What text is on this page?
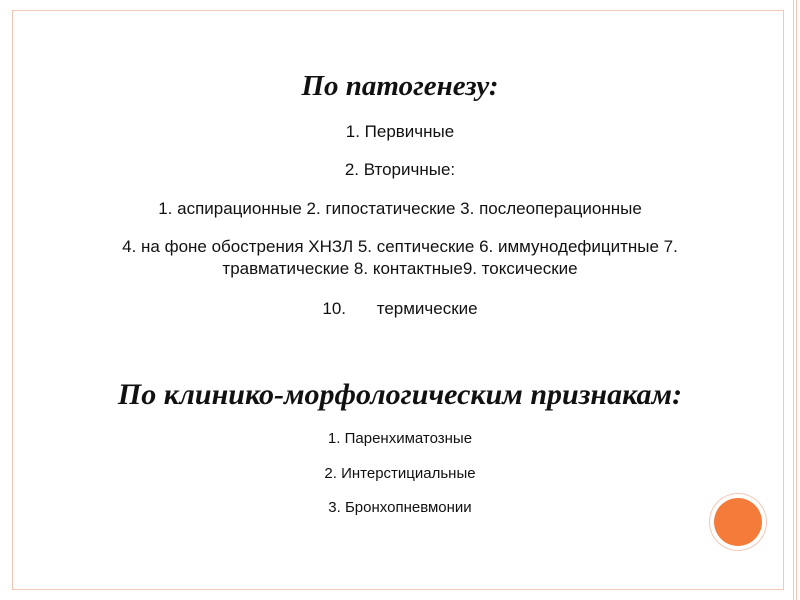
По патогенезу:

1. Первичные

2. Вторичные:

1. аспирационные 2. гипостатические 3. послеоперационные

4. на фоне обострения ХНЗЛ 5. септические 6. иммунодефицитные 7.

травматические 8. контактные9. токсические

10. термические

По клинико-морфологическим признакам:

1. Паренхиматозные

2. Интерстициальные

3. Бронхопневмонии
